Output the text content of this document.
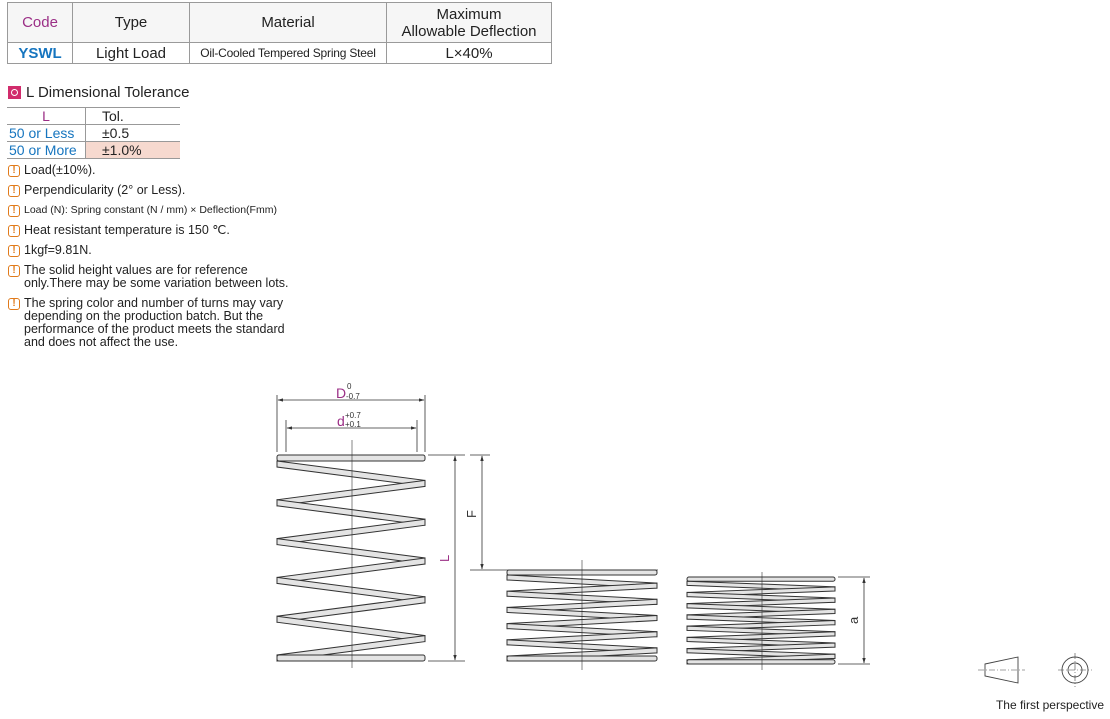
Code	Type	Material	Maximum
Allowable Deflection

YSWL	Light Load	Oil-Cooled Tempered Spring Steel	L×40%
L Dimensional Tolerance
L	Tol.
50 or Less	±0.5
50 or More	±1.0%
! Load(±10%).
! Perpendicularity (2° or Less).
! Load (N): Spring constant (N / mm) × Deflection(Fmm)
! Heat resistant temperature is 150 ℃.
! 1kgf=9.81N.
! The solid height values are for reference only.There may be some variation between lots.
! The spring color and number of turns may vary depending on the production batch. But the performance of the product meets the standard and does not affect the use.
D 0
-0.7
d +0.7
+0.1
L
F
a
The first perspective
